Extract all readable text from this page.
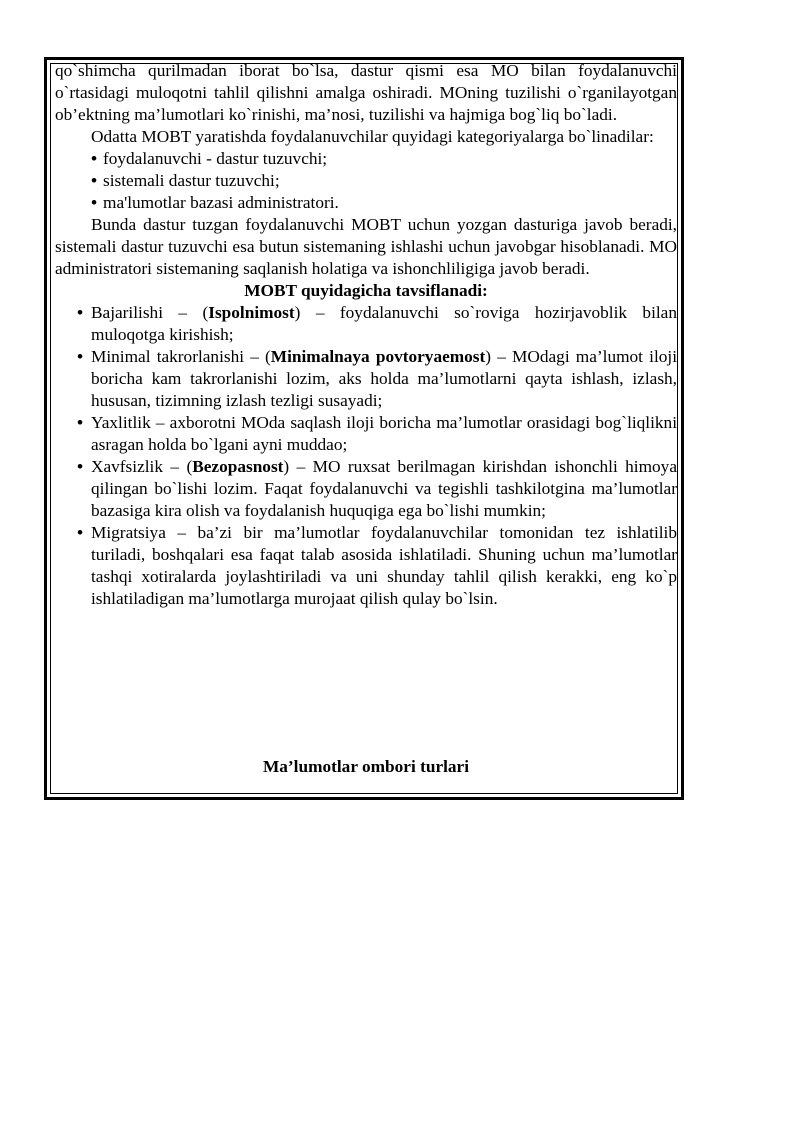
qo`shimcha qurilmadan iborat bo`lsa, dastur qismi esa MO bilan foydalanuvchi o`rtasidagi muloqotni tahlil qilishni amalga oshiradi. MOning tuzilishi o`rganilayotgan ob’ektning ma’lumotlari ko`rinishi, ma’nosi, tuzilishi va hajmiga bog`liq bo`ladi.

Odatta MOBT yaratishda foydalanuvchilar quyidagi kategoriyalarga bo`linadilar:

• foydalanuvchi - dastur tuzuvchi;
• sistemali dastur tuzuvchi;
• ma'lumotlar bazasi administratori.

Bunda dastur tuzgan foydalanuvchi MOBT uchun yozgan dasturiga javob beradi, sistemali dastur tuzuvchi esa butun sistemaning ishlashi uchun javobgar hisoblanadi. MO administratori sistemaning saqlanish holatiga va ishonchliligiga javob beradi.

MOBT quyidagicha tavsiflanadi:

• Bajarilishi – (Ispolnimost) – foydalanuvchi so`roviga hozirjavoblik bilan muloqotga kirishish;
• Minimal takrorlanishi – (Minimalnaya povtoryaemost) – MOdagi ma’lumot iloji boricha kam takrorlanishi lozim, aks holda ma’lumotlarni qayta ishlash, izlash, hususan, tizimning izlash tezligi susayadi;
• Yaxlitlik – axborotni MOda saqlash iloji boricha ma’lumotlar orasidagi bog`liqlikni asragan holda bo`lgani ayni muddao;
• Xavfsizlik – (Bezopasnost) – MO ruxsat berilmagan kirishdan ishonchli himoya qilingan bo`lishi lozim. Faqat foydalanuvchi va tegishli tashkilotgina ma’lumotlar bazasiga kira olish va foydalanish huquqiga ega bo`lishi mumkin;
• Migratsiya – ba’zi bir ma’lumotlar foydalanuvchilar tomonidan tez ishlatilib turiladi, boshqalari esa faqat talab asosida ishlatiladi. Shuning uchun ma’lumotlar tashqi xotiralarda joylashtiriladi va uni shunday tahlil qilish kerakki, eng ko`p ishlatiladigan ma’lumotlarga murojaat qilish qulay bo`lsin.
Ma’lumotlar ombori turlari
